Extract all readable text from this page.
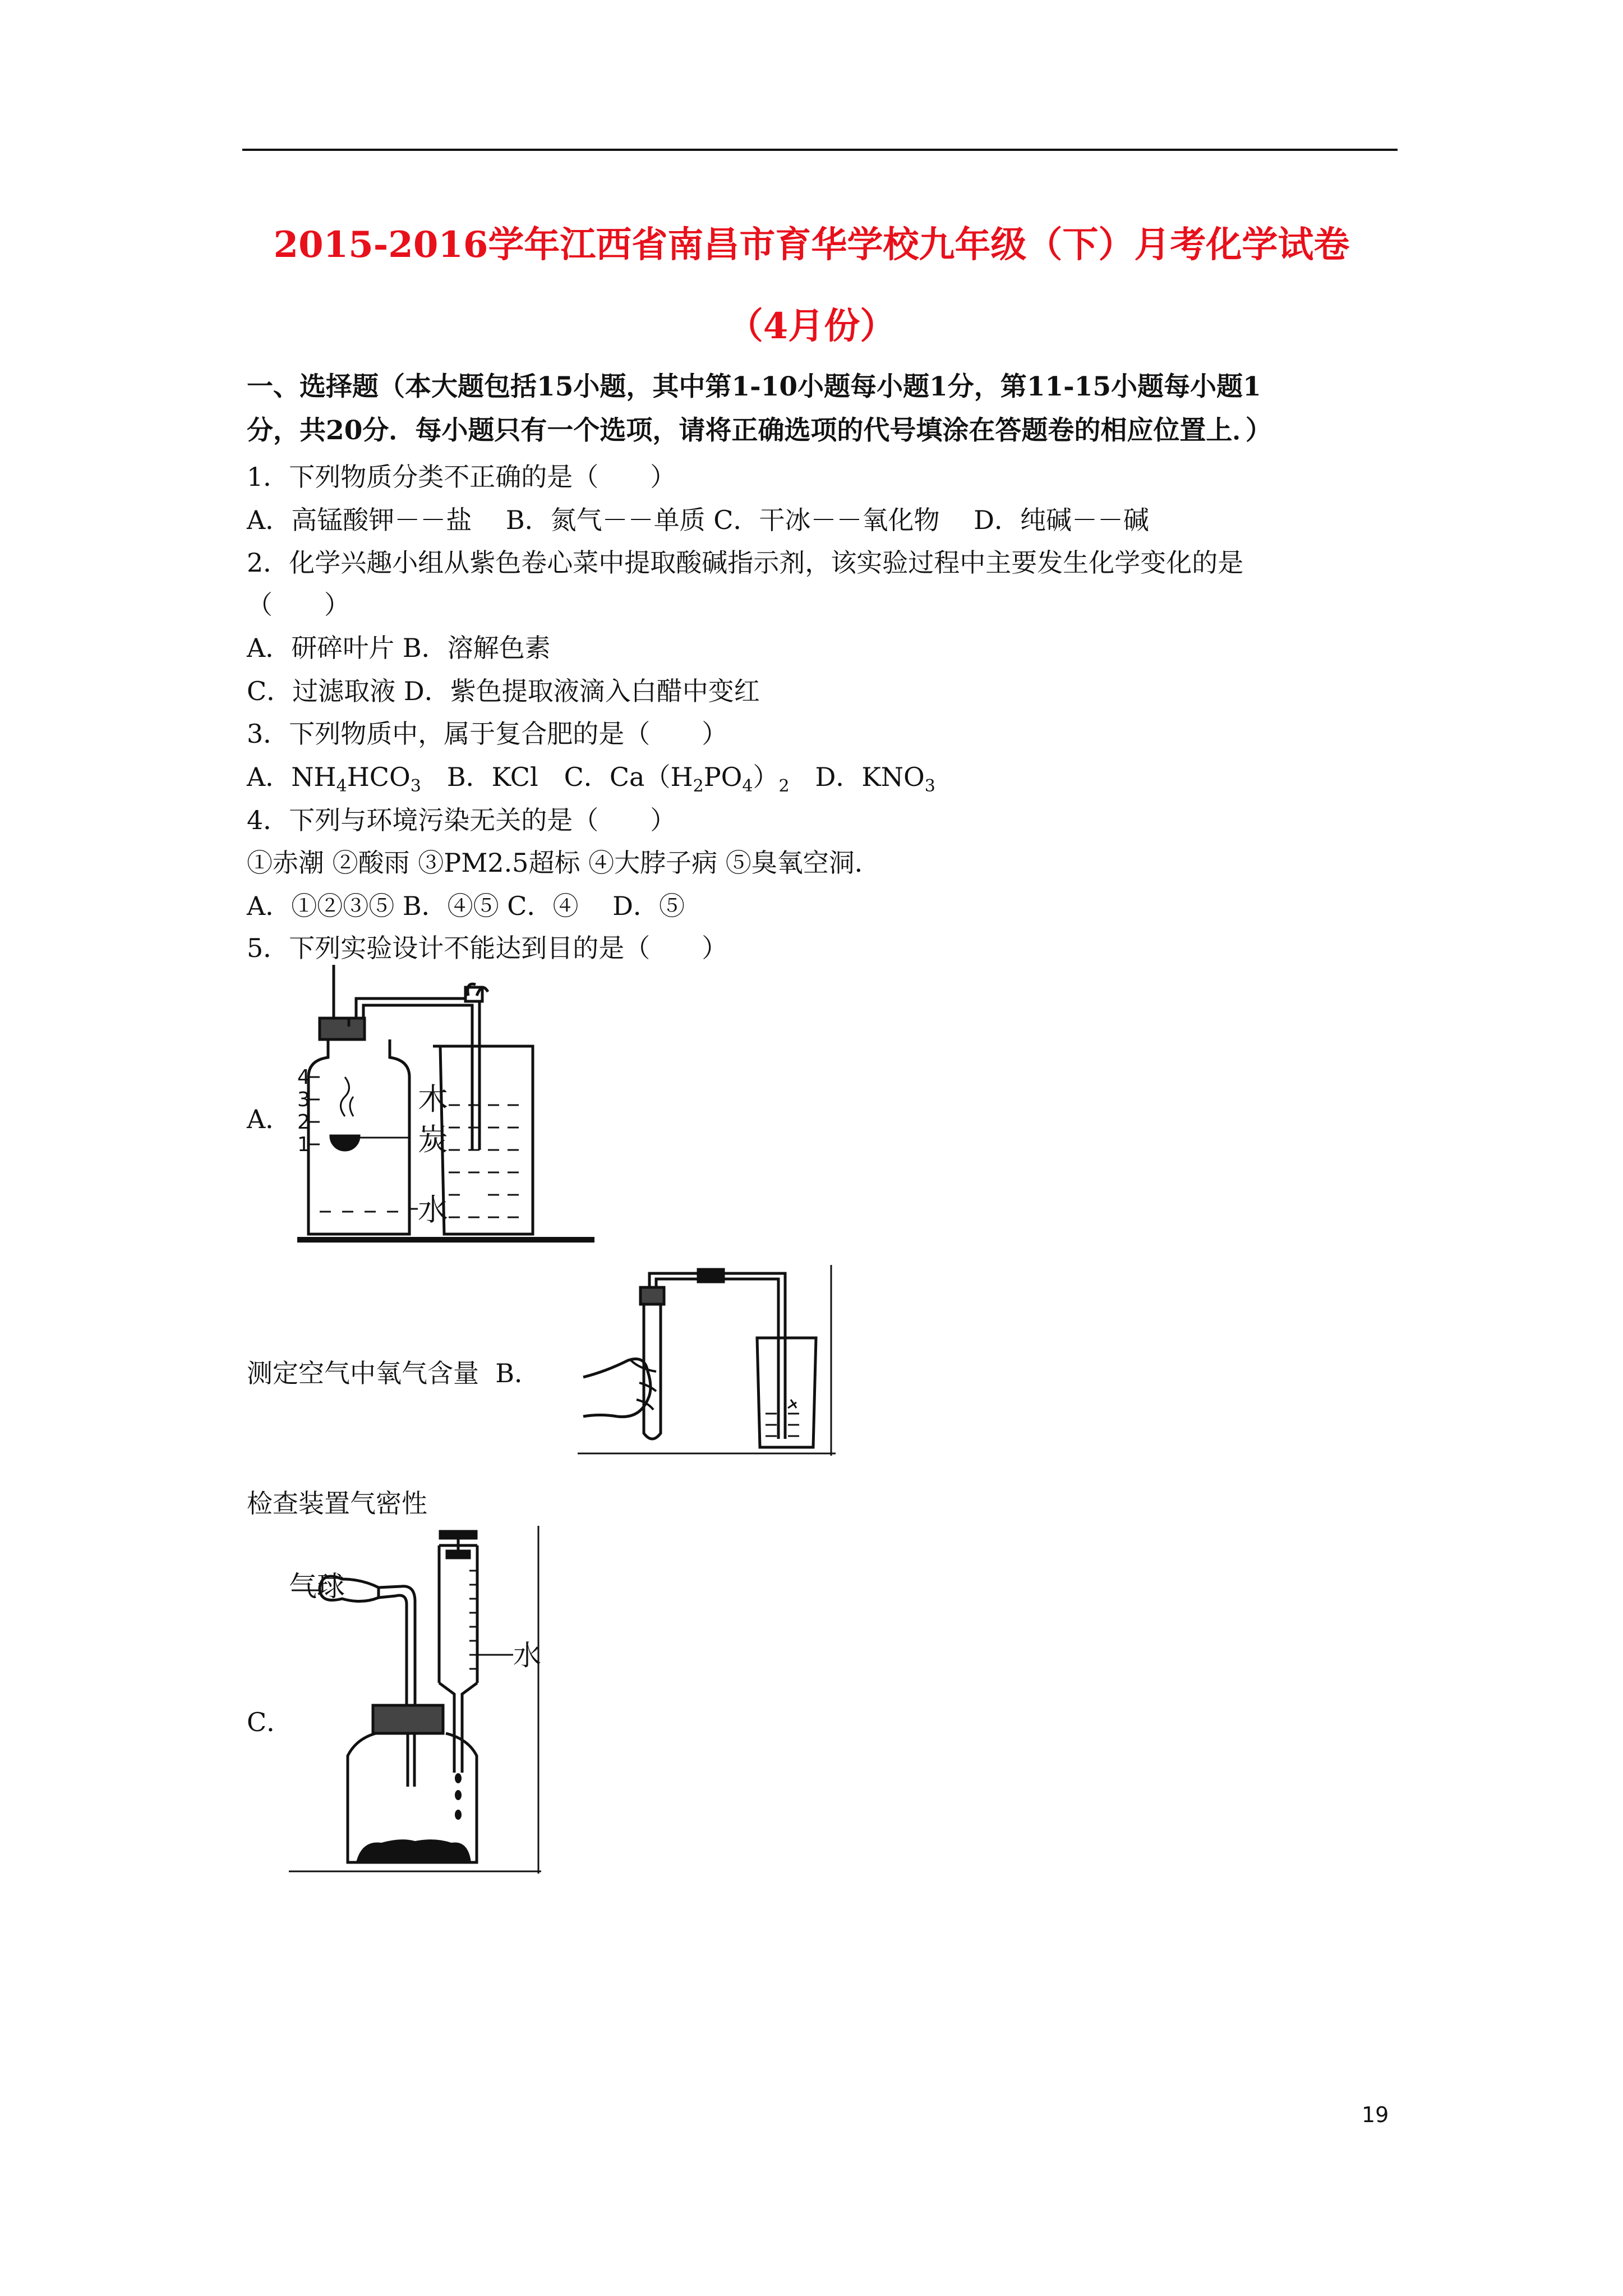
2015-2016学年江西省南昌市育华学校九年级（下）月考化学试卷
（4月份）
一、选择题（本大题包括15小题，其中第1-10小题每小题1分，第11-15小题每小题1
分，共20分．每小题只有一个选项，请将正确选项的代号填涂在答题卷的相应位置上．）
1．下列物质分类不正确的是（　　）
A．高锰酸钾－－盐　 B．氮气－－单质 C．干冰－－氧化物　 D．纯碱－－碱
2．化学兴趣小组从紫色卷心菜中提取酸碱指示剂，该实验过程中主要发生化学变化的是
（　　）
A．研碎叶片 B．溶解色素
C．过滤取液 D．紫色提取液滴入白醋中变红
3．下列物质中，属于复合肥的是（　　）
A．$NH_4HCO_3$　B．KCl　C．$Ca(H_2PO_4)_2$　D．$KNO_3$
4．下列与环境污染无关的是（　　）
①赤潮 ②酸雨 ③PM2.5超标 ④大脖子病 ⑤臭氧空洞．
A．①②③⑤ B．④⑤ C．④　 D．⑤
5．下列实验设计不能达到目的是（　　）
A．
4
3
2
1
木
炭
水
测定空气中氧气含量 B．
检查装置气密性
气球
水
C．
19
